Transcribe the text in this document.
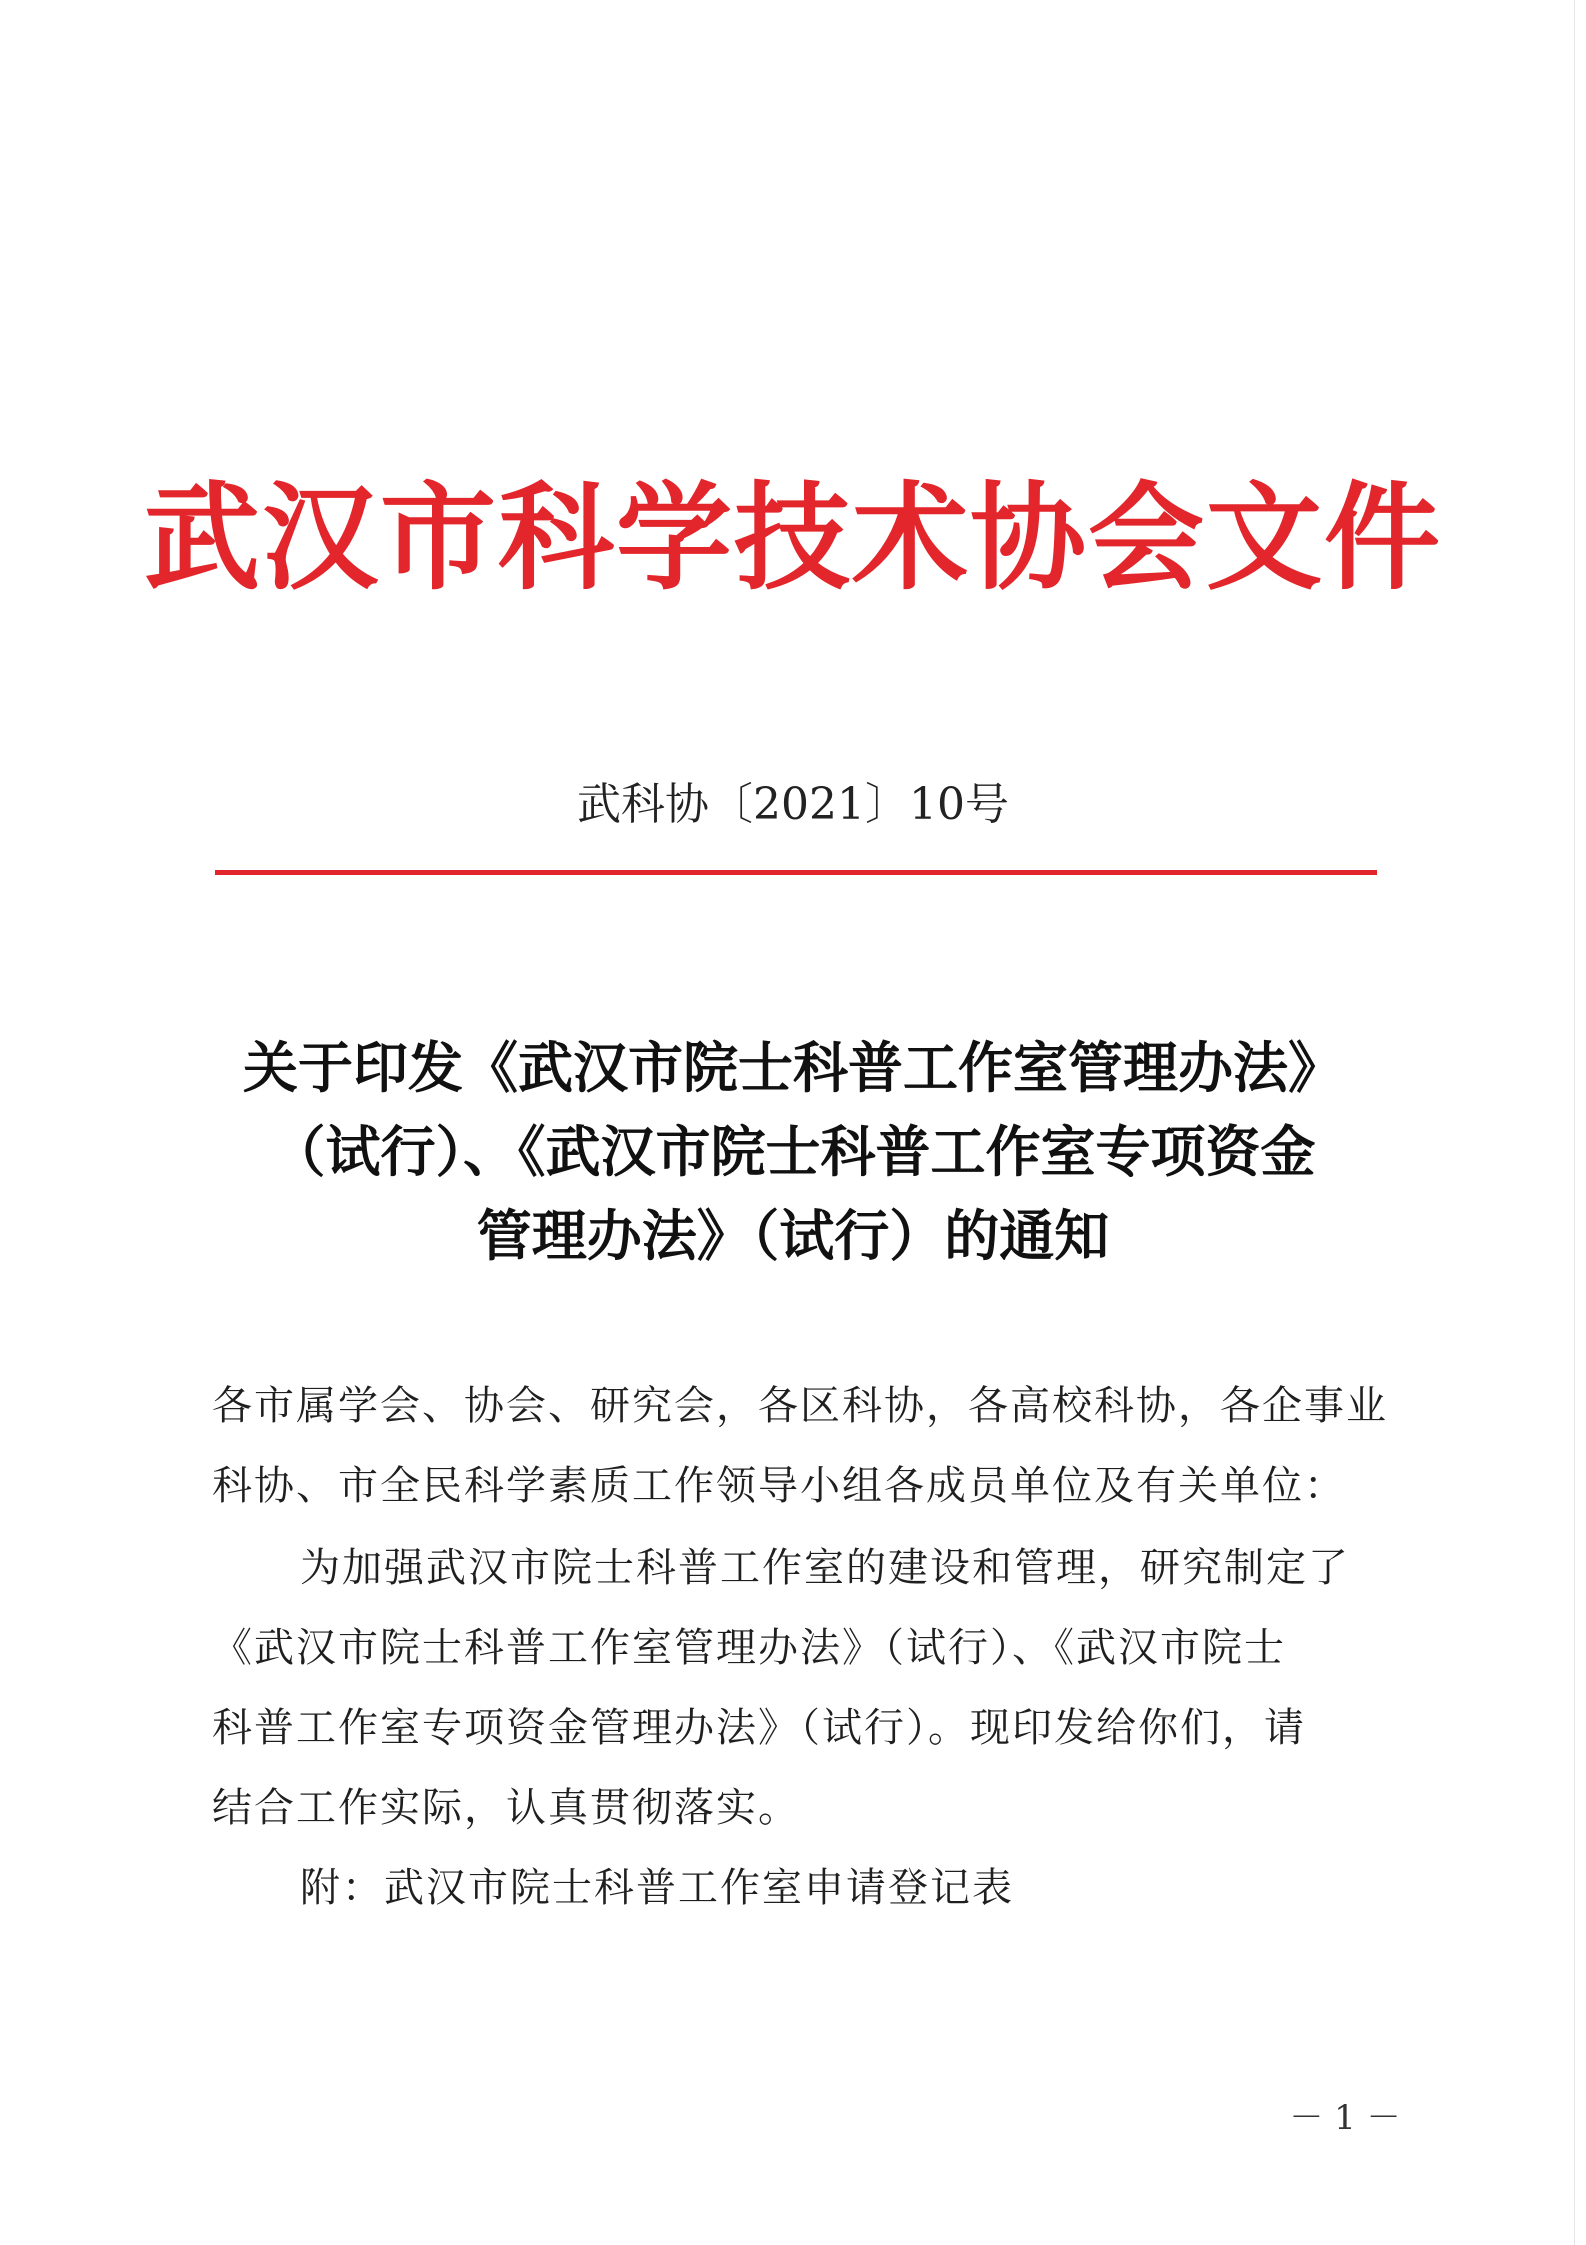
武汉市科学技术协会文件
武科协〔2021〕10号
关于印发《武汉市院士科普工作室管理办法》
（试行）、《武汉市院士科普工作室专项资金
管理办法》（试行）的通知
各市属学会、协会、研究会，各区科协，各高校科协，各企事业
科协、市全民科学素质工作领导小组各成员单位及有关单位：
为加强武汉市院士科普工作室的建设和管理，研究制定了
《武汉市院士科普工作室管理办法》（试行）、《武汉市院士
科普工作室专项资金管理办法》（试行）。现印发给你们，请
结合工作实际，认真贯彻落实。
附：武汉市院士科普工作室申请登记表
－ 1 －
